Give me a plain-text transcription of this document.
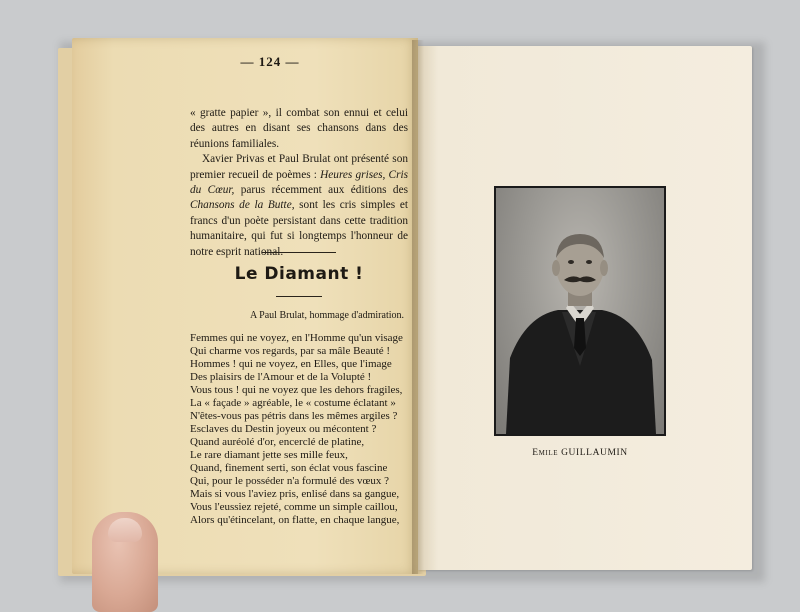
— 124 —

« gratte papier », il combat son ennui et celui des autres en disant ses chansons dans des réunions familiales.

Xavier Privas et Paul Brulat ont présenté son premier recueil de poèmes : Heures grises, Cris du Cœur, parus récemment aux éditions des Chansons de la Butte, sont les cris simples et francs d'un poète persistant dans cette tradition humanitaire, qui fut si longtemps l'honneur de notre esprit national.

Le Diamant !
A Paul Brulat, hommage d'admiration.
Femmes qui ne voyez, en l'Homme qu'un visage
Qui charme vos regards, par sa mâle Beauté !
Hommes ! qui ne voyez, en Elles, que l'image
Des plaisirs de l'Amour et de la Volupté !
Vous tous ! qui ne voyez que les dehors fragiles,
La « façade » agréable, le « costume éclatant »
N'êtes-vous pas pétris dans les mêmes argiles ?
Esclaves du Destin joyeux ou mécontent ?
Quand auréolé d'or, encerclé de platine,
Le rare diamant jette ses mille feux,
Quand, finement serti, son éclat vous fascine
Qui, pour le posséder n'a formulé des vœux ?
Mais si vous l'aviez pris, enlisé dans sa gangue,
Vous l'eussiez rejeté, comme un simple caillou,
Alors qu'étincelant, on flatte, en chaque langue,
Emile GUILLAUMIN
